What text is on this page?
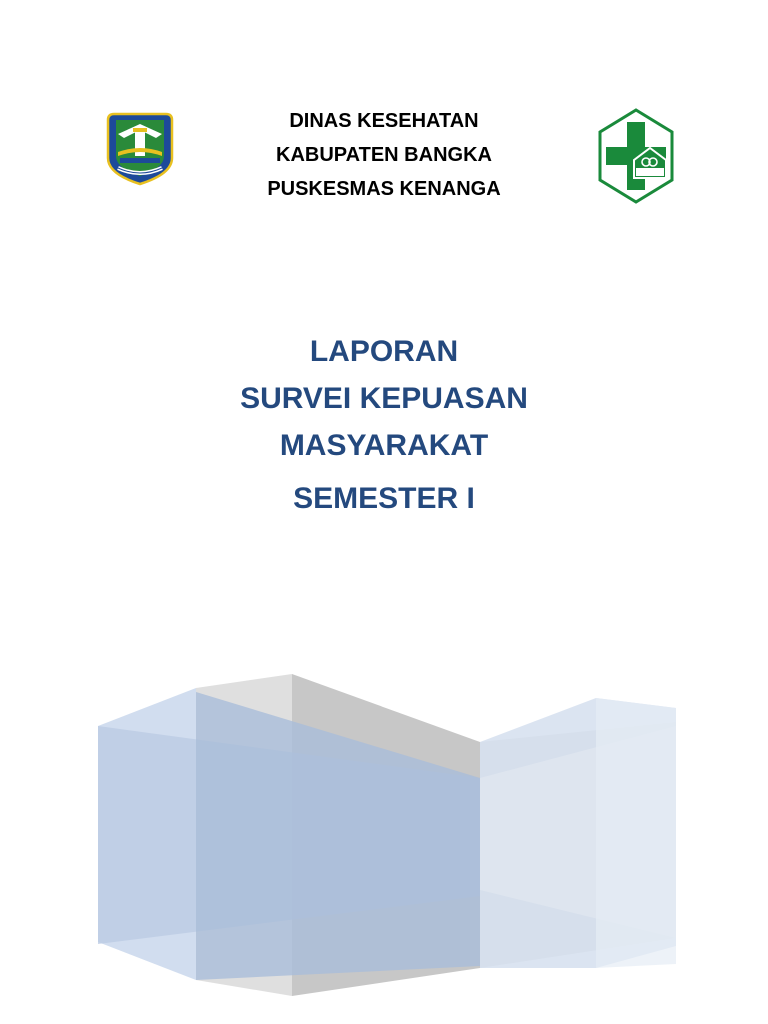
DINAS KESEHATAN
KABUPATEN BANGKA
PUSKESMAS KENANGA
LAPORAN
SURVEI KEPUASAN
MASYARAKAT
SEMESTER I
